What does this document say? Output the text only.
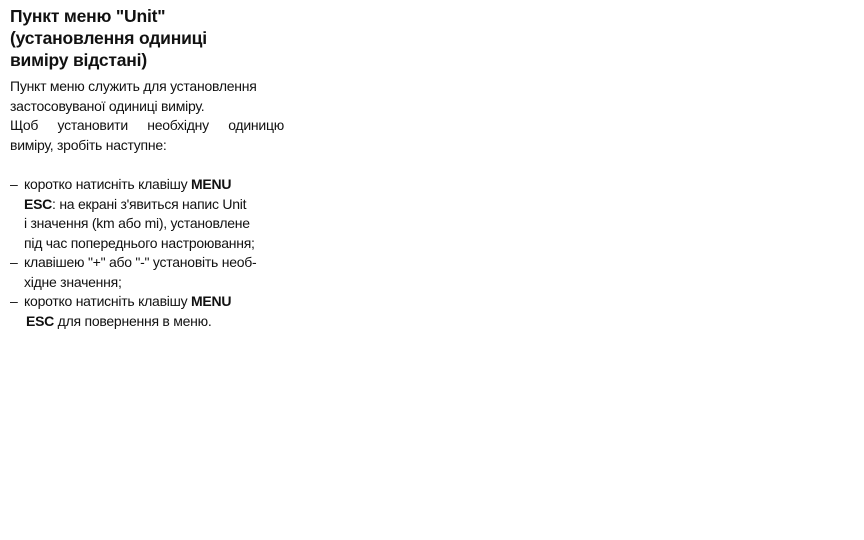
Пункт меню "Unit"
(установлення одиниці
виміру відстані)

Пункт меню служить для установлення
застосовуваної одиниці виміру.
Щоб установити необхідну одиницю
виміру, зробіть наступне:

– коротко натисніть клавішу MENU
ESC: на екрані з'явиться напис Unit
і значення (km або mi), установлене
під час попереднього настроювання;
– клавішею "+" або "-" установіть необ-
хідне значення;
– коротко натисніть клавішу MENU
ESC для повернення в меню.
